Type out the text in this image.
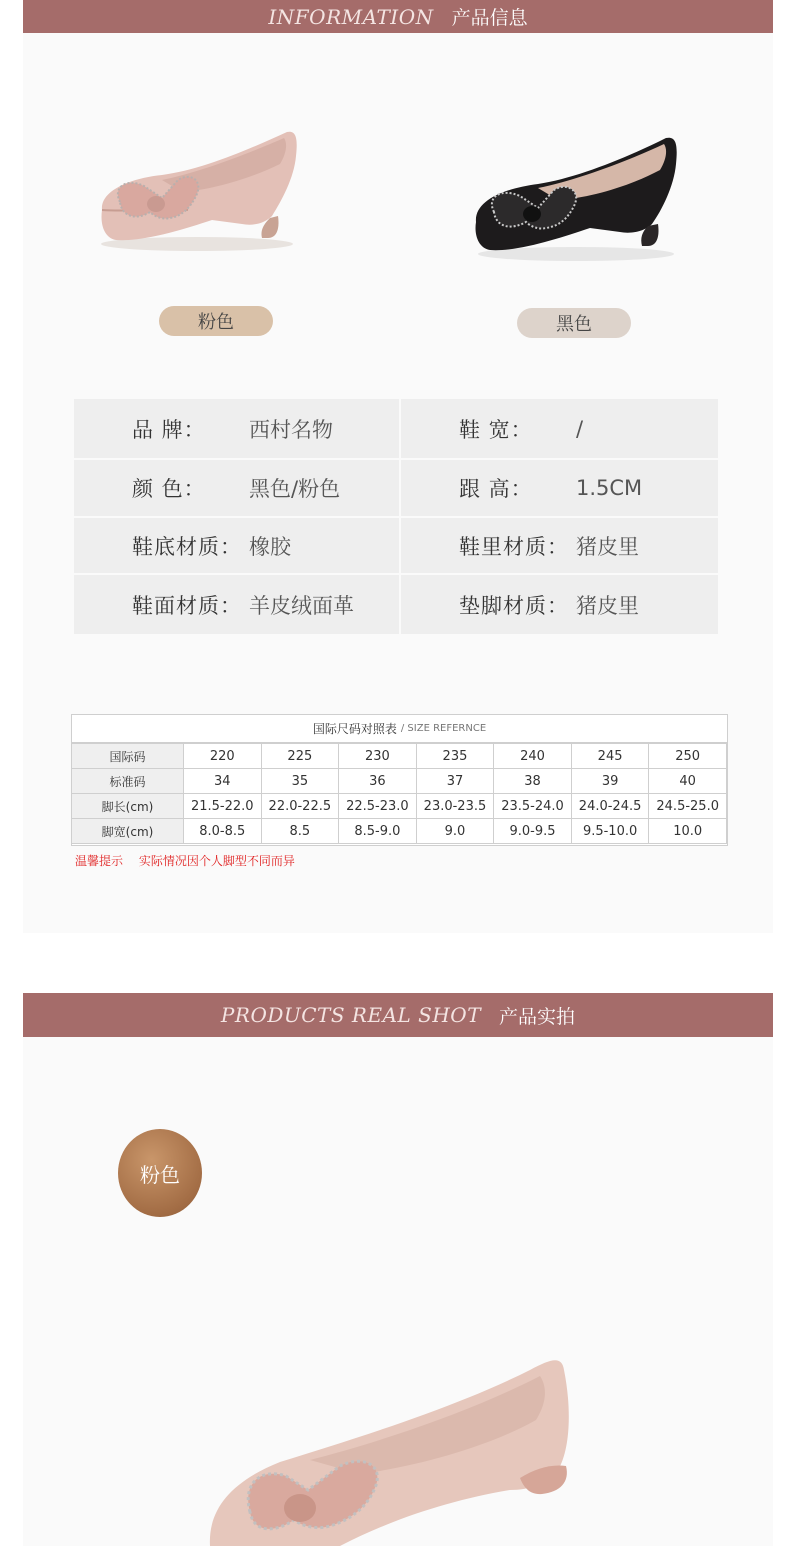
INFORMATION 产品信息
粉色	黑色
品 牌：	西村名物	鞋 宽：	/
颜 色：	黑色/粉色	跟 高：	1.5CM
鞋底材质： 橡胶	鞋里材质： 猪皮里
鞋面材质： 羊皮绒面革	垫脚材质： 猪皮里
国际尺码对照表 / SIZE REFERNCE
国际码	220	225	230	235	240	245	250
标准码	34	35	36	37	38	39	40
脚长(cm)	21.5-22.0	22.0-22.5	22.5-23.0	23.0-23.5	23.5-24.0	24.0-24.5	24.5-25.0
脚宽(cm)	8.0-8.5	8.5	8.5-9.0	9.0	9.0-9.5	9.5-10.0	10.0
温馨提示 实际情况因个人脚型不同而异
PRODUCTS REAL SHOT 产品实拍
粉色
